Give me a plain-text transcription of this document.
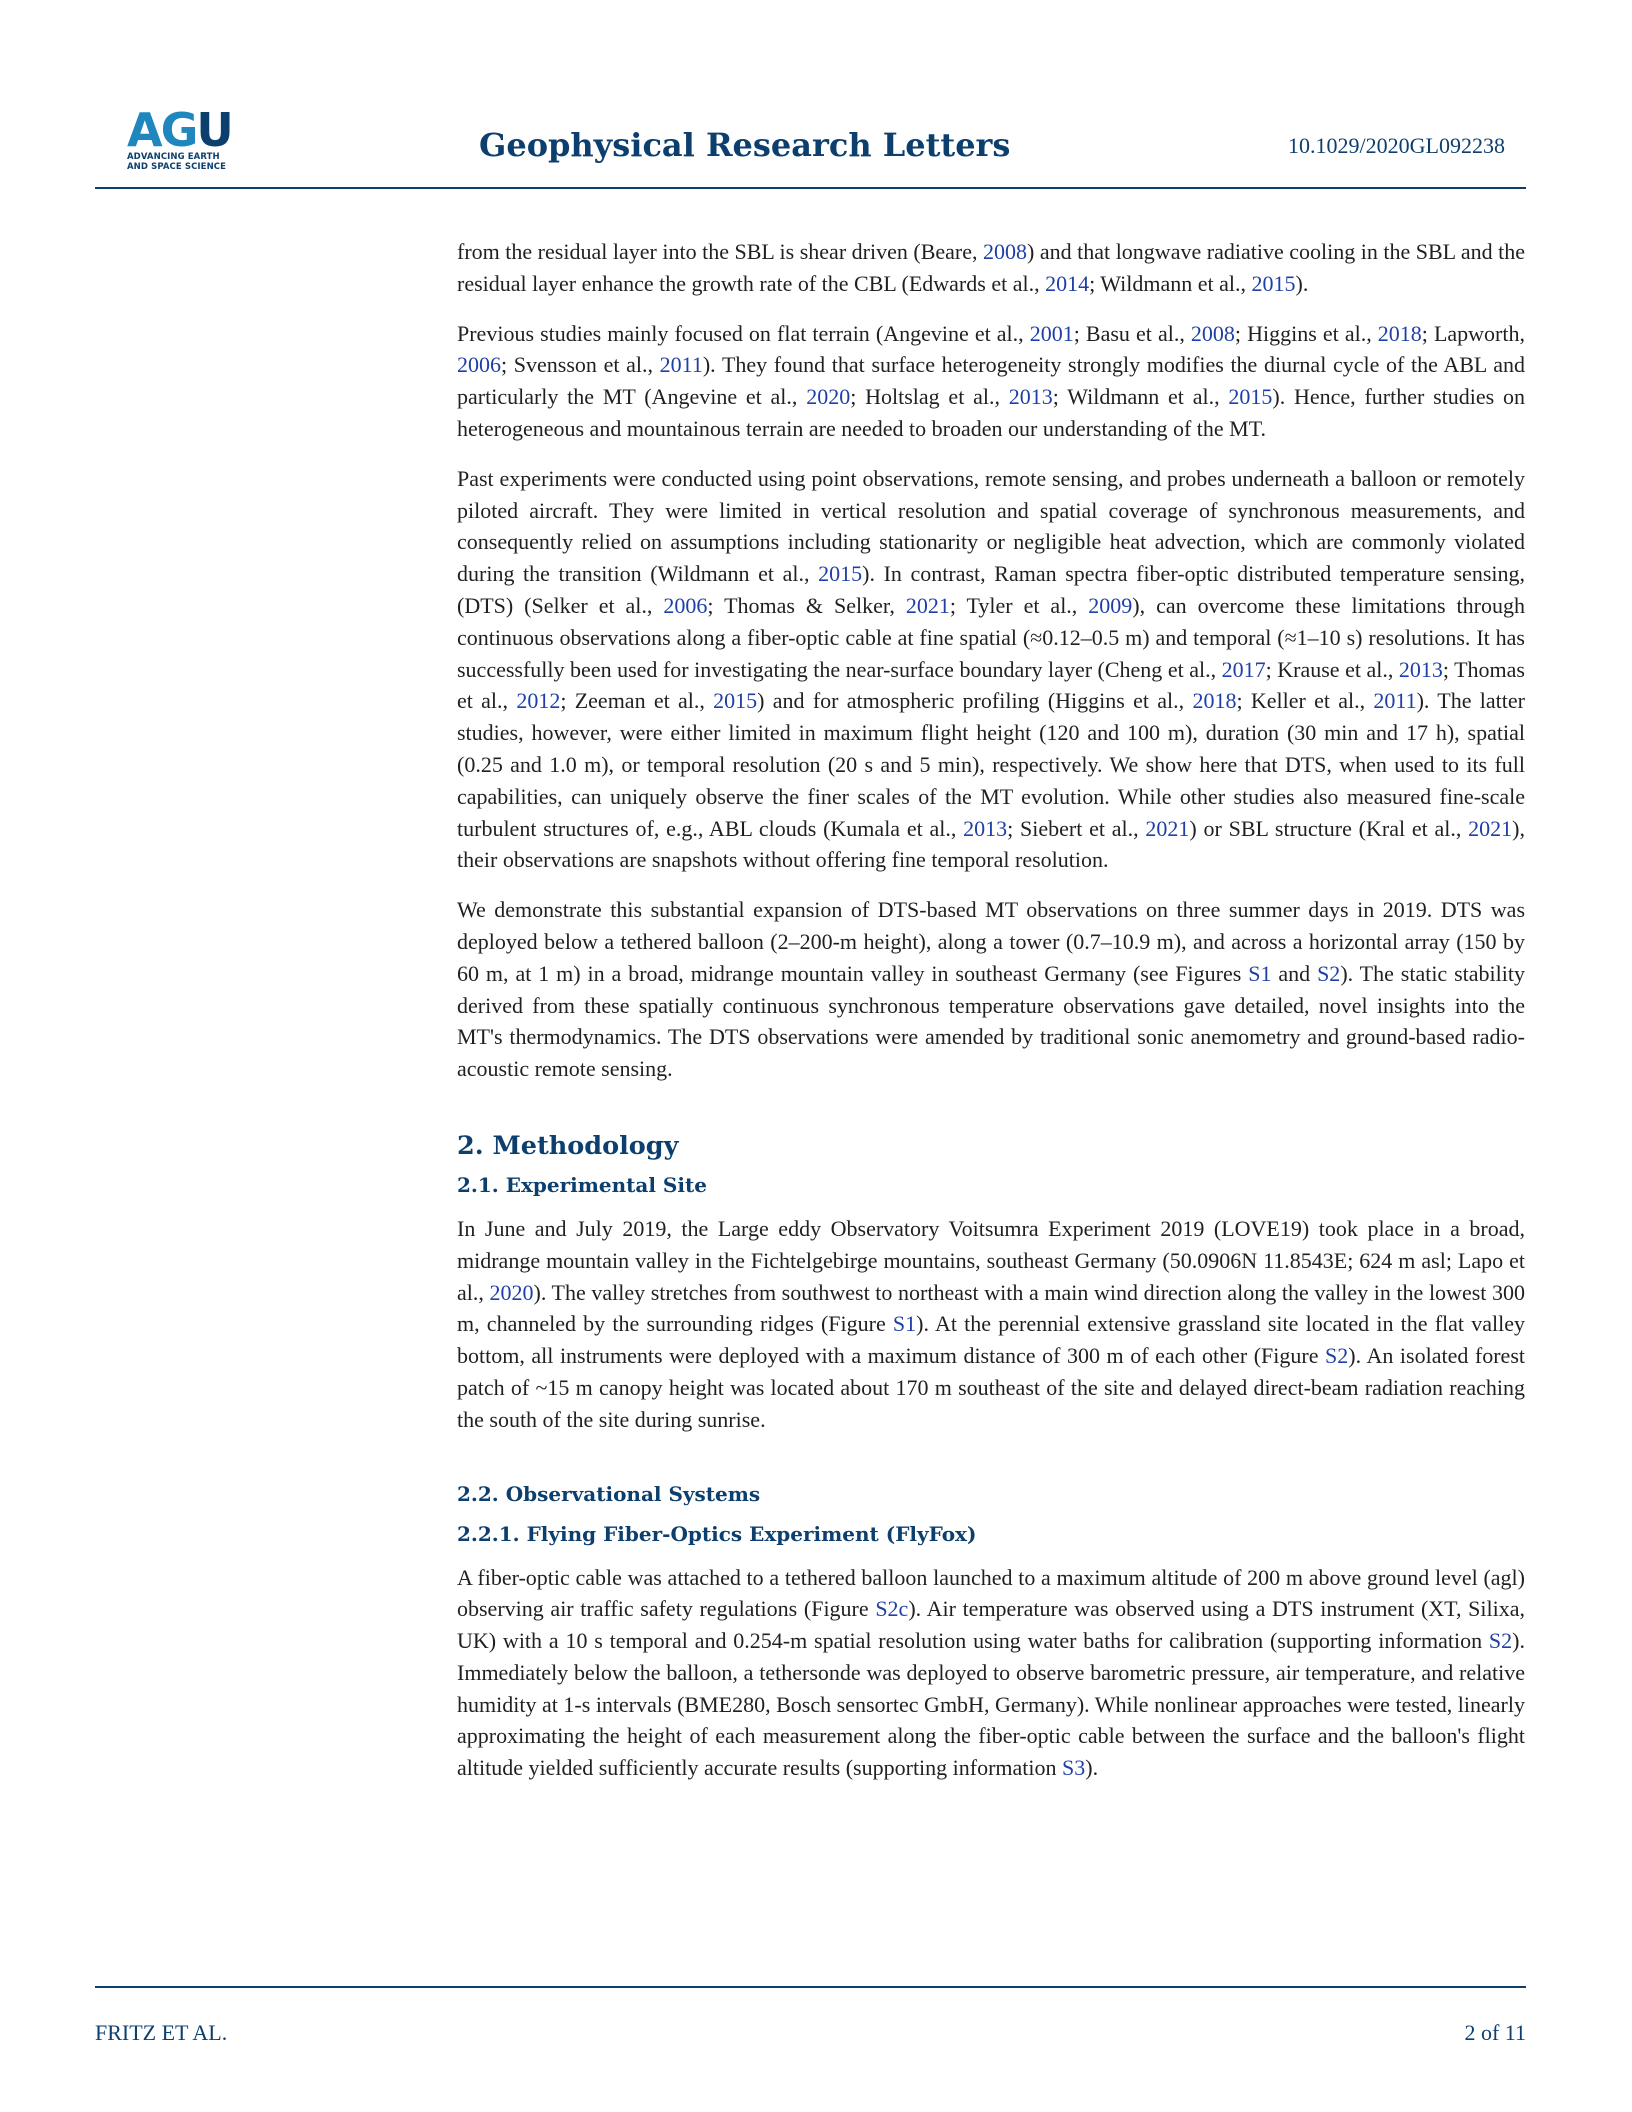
AGU
ADVANCING EARTH
AND SPACE SCIENCE
Geophysical Research Letters	10.1029/2020GL092238

from the residual layer into the SBL is shear driven (Beare, 2008) and that longwave radiative cooling in the SBL and the residual layer enhance the growth rate of the CBL (Edwards et al., 2014; Wildmann et al., 2015).

Previous studies mainly focused on flat terrain (Angevine et al., 2001; Basu et al., 2008; Higgins et al., 2018; Lapworth, 2006; Svensson et al., 2011). They found that surface heterogeneity strongly modifies the diurnal cycle of the ABL and particularly the MT (Angevine et al., 2020; Holtslag et al., 2013; Wildmann et al., 2015). Hence, further studies on heterogeneous and mountainous terrain are needed to broaden our understanding of the MT.

Past experiments were conducted using point observations, remote sensing, and probes underneath a balloon or remotely piloted aircraft. They were limited in vertical resolution and spatial coverage of synchronous measurements, and consequently relied on assumptions including stationarity or negligible heat advection, which are commonly violated during the transition (Wildmann et al., 2015). In contrast, Raman spectra fiber-optic distributed temperature sensing, (DTS) (Selker et al., 2006; Thomas & Selker, 2021; Tyler et al., 2009), can overcome these limitations through continuous observations along a fiber-optic cable at fine spatial (≈0.12–0.5 m) and temporal (≈1–10 s) resolutions. It has successfully been used for investigating the near-surface boundary layer (Cheng et al., 2017; Krause et al., 2013; Thomas et al., 2012; Zeeman et al., 2015) and for atmospheric profiling (Higgins et al., 2018; Keller et al., 2011). The latter studies, however, were either limited in maximum flight height (120 and 100 m), duration (30 min and 17 h), spatial (0.25 and 1.0 m), or temporal resolution (20 s and 5 min), respectively. We show here that DTS, when used to its full capabilities, can uniquely observe the finer scales of the MT evolution. While other studies also measured fine-scale turbulent structures of, e.g., ABL clouds (Kumala et al., 2013; Siebert et al., 2021) or SBL structure (Kral et al., 2021), their observations are snapshots without offering fine temporal resolution.

We demonstrate this substantial expansion of DTS-based MT observations on three summer days in 2019. DTS was deployed below a tethered balloon (2–200-m height), along a tower (0.7–10.9 m), and across a horizontal array (150 by 60 m, at 1 m) in a broad, midrange mountain valley in southeast Germany (see Figures S1 and S2). The static stability derived from these spatially continuous synchronous temperature observations gave detailed, novel insights into the MT's thermodynamics. The DTS observations were amended by traditional sonic anemometry and ground-based radio-acoustic remote sensing.

2. Methodology
2.1. Experimental Site

In June and July 2019, the Large eddy Observatory Voitsumra Experiment 2019 (LOVE19) took place in a broad, midrange mountain valley in the Fichtelgebirge mountains, southeast Germany (50.0906N 11.8543E; 624 m asl; Lapo et al., 2020). The valley stretches from southwest to northeast with a main wind direction along the valley in the lowest 300 m, channeled by the surrounding ridges (Figure S1). At the perennial extensive grassland site located in the flat valley bottom, all instruments were deployed with a maximum distance of 300 m of each other (Figure S2). An isolated forest patch of ~15 m canopy height was located about 170 m southeast of the site and delayed direct-beam radiation reaching the south of the site during sunrise.

2.2. Observational Systems
2.2.1. Flying Fiber-Optics Experiment (FlyFox)

A fiber-optic cable was attached to a tethered balloon launched to a maximum altitude of 200 m above ground level (agl) observing air traffic safety regulations (Figure S2c). Air temperature was observed using a DTS instrument (XT, Silixa, UK) with a 10 s temporal and 0.254-m spatial resolution using water baths for calibration (supporting information S2). Immediately below the balloon, a tethersonde was deployed to observe barometric pressure, air temperature, and relative humidity at 1-s intervals (BME280, Bosch sensortec GmbH, Germany). While nonlinear approaches were tested, linearly approximating the height of each measurement along the fiber-optic cable between the surface and the balloon's flight altitude yielded sufficiently accurate results (supporting information S3).

FRITZ ET AL.	2 of 11
